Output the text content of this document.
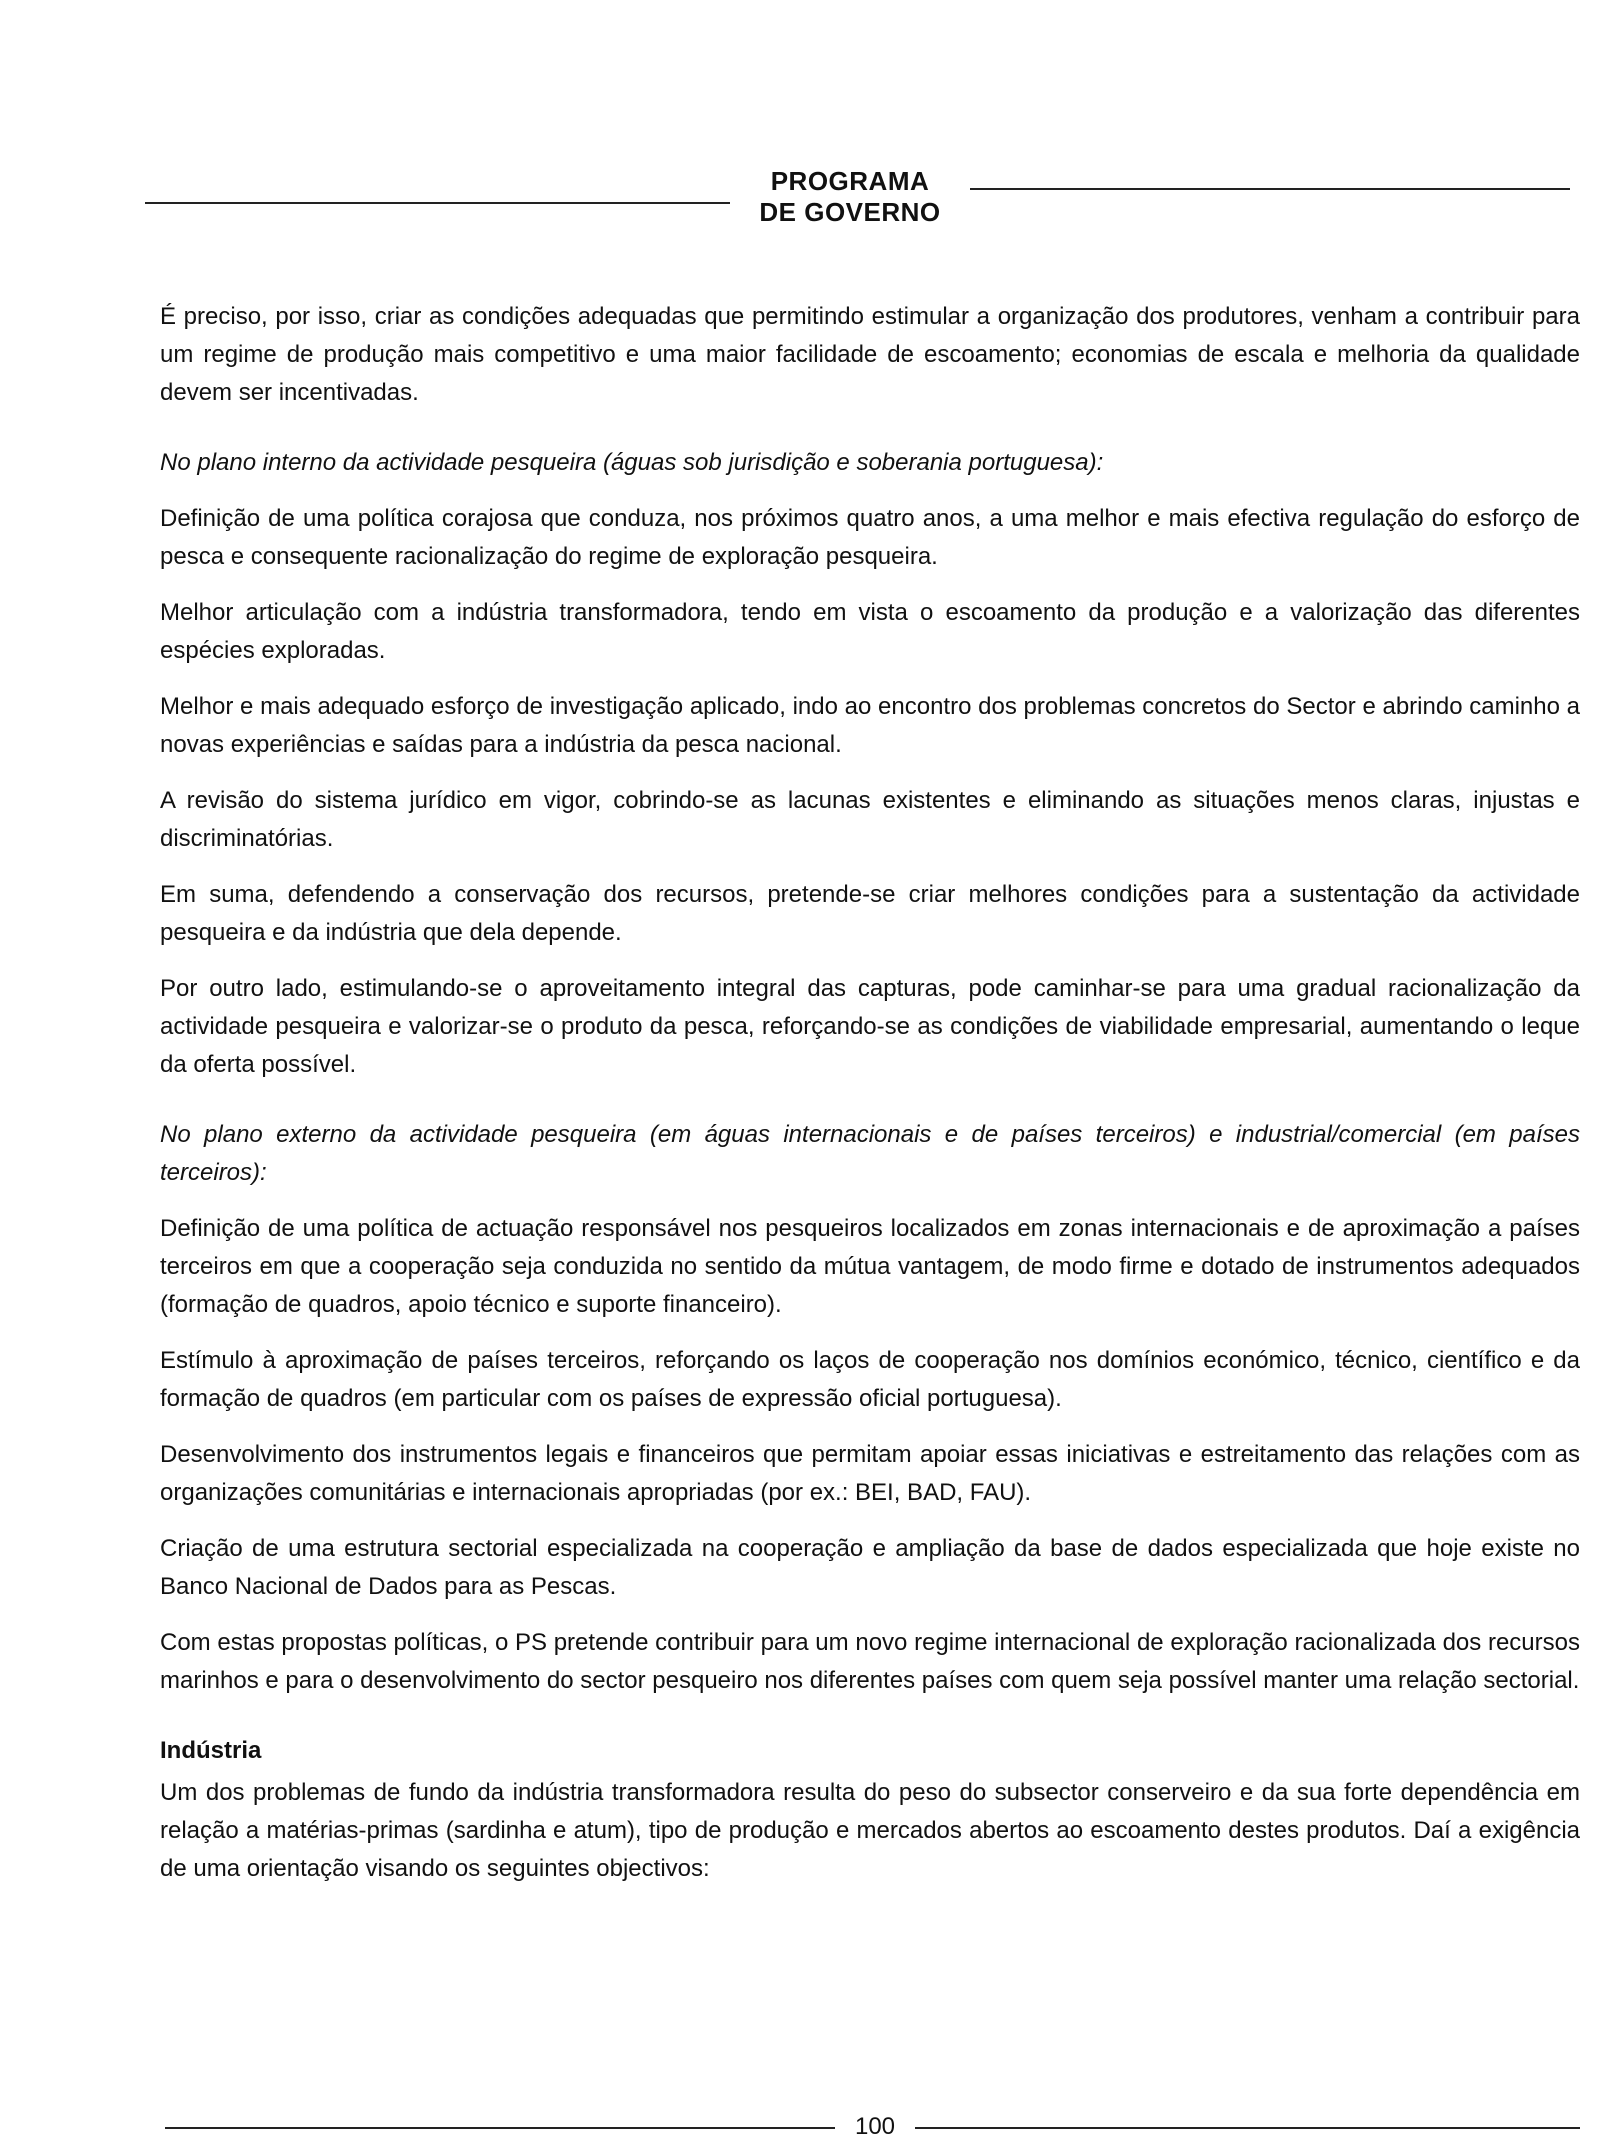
PROGRAMA
DE GOVERNO

É preciso, por isso, criar as condições adequadas que permitindo estimular a organização dos produtores, venham a contribuir para um regime de produção mais competitivo e uma maior facilidade de escoamento; economias de escala e melhoria da qualidade devem ser incentivadas.

No plano interno da actividade pesqueira (águas sob jurisdição e soberania portuguesa):

Definição de uma política corajosa que conduza, nos próximos quatro anos, a uma melhor e mais efectiva regulação do esforço de pesca e consequente racionalização do regime de exploração pesqueira.

Melhor articulação com a indústria transformadora, tendo em vista o escoamento da produção e a valorização das diferentes espécies exploradas.

Melhor e mais adequado esforço de investigação aplicado, indo ao encontro dos problemas concretos do Sector e abrindo caminho a novas experiências e saídas para a indústria da pesca nacional.

A revisão do sistema jurídico em vigor, cobrindo-se as lacunas existentes e eliminando as situações menos claras, injustas e discriminatórias.

Em suma, defendendo a conservação dos recursos, pretende-se criar melhores condições para a sustentação da actividade pesqueira e da indústria que dela depende.

Por outro lado, estimulando-se o aproveitamento integral das capturas, pode caminhar-se para uma gradual racionalização da actividade pesqueira e valorizar-se o produto da pesca, reforçando-se as condições de viabilidade empresarial, aumentando o leque da oferta possível.

No plano externo da actividade pesqueira (em águas internacionais e de países terceiros) e industrial/comercial (em países terceiros):

Definição de uma política de actuação responsável nos pesqueiros localizados em zonas internacionais e de aproximação a países terceiros em que a cooperação seja conduzida no sentido da mútua vantagem, de modo firme e dotado de instrumentos adequados (formação de quadros, apoio técnico e suporte financeiro).

Estímulo à aproximação de países terceiros, reforçando os laços de cooperação nos domínios económico, técnico, científico e da formação de quadros (em particular com os países de expressão oficial portuguesa).

Desenvolvimento dos instrumentos legais e financeiros que permitam apoiar essas iniciativas e estreitamento das relações com as organizações comunitárias e internacionais apropriadas (por ex.: BEI, BAD, FAU).

Criação de uma estrutura sectorial especializada na cooperação e ampliação da base de dados especializada que hoje existe no Banco Nacional de Dados para as Pescas.

Com estas propostas políticas, o PS pretende contribuir para um novo regime internacional de exploração racionalizada dos recursos marinhos e para o desenvolvimento do sector pesqueiro nos diferentes países com quem seja possível manter uma relação sectorial.

Indústria

Um dos problemas de fundo da indústria transformadora resulta do peso do subsector conserveiro e da sua forte dependência em relação a matérias-primas (sardinha e atum), tipo de produção e mercados abertos ao escoamento destes produtos. Daí a exigência de uma orientação visando os seguintes objectivos:

100
